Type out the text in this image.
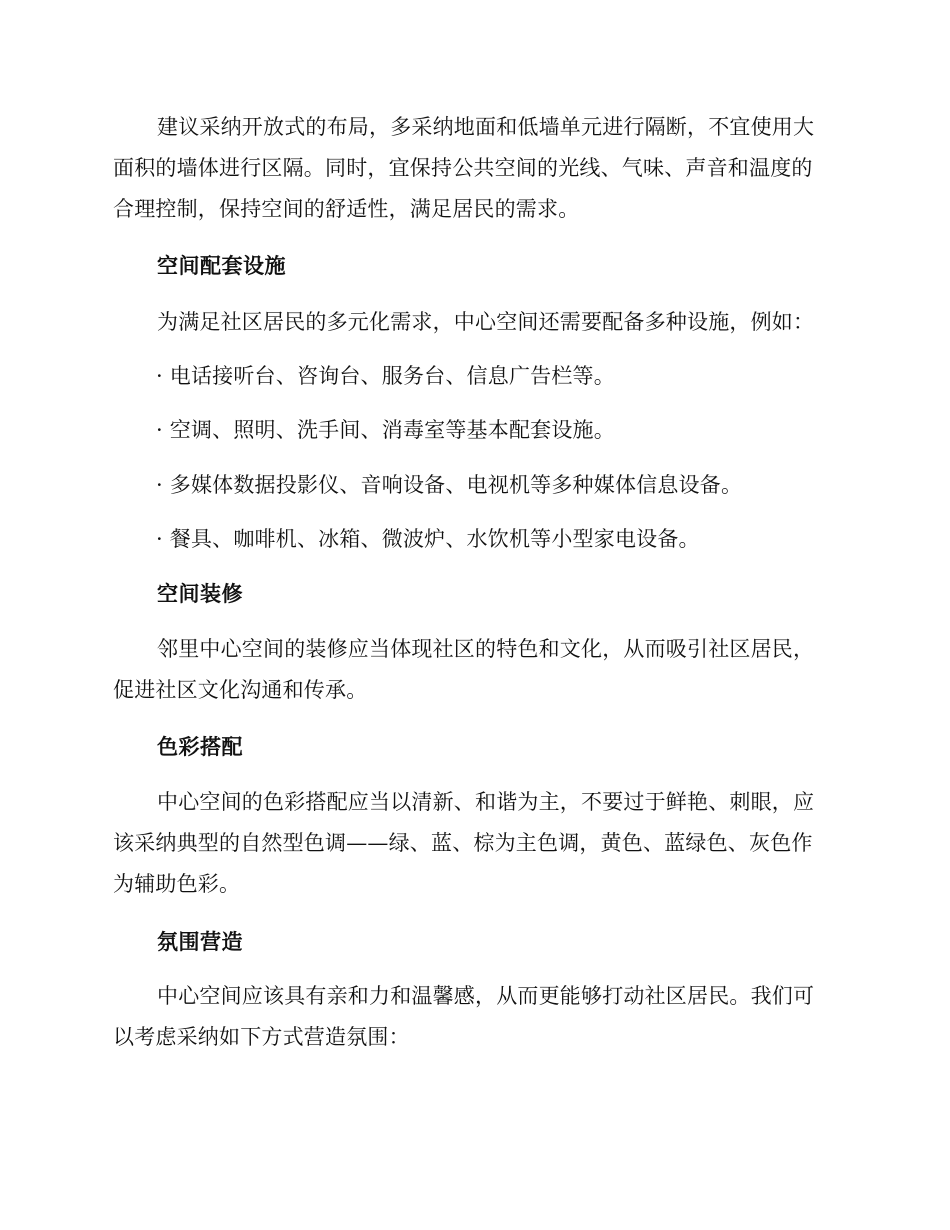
建议采纳开放式的布局，多采纳地面和低墙单元进行隔断，不宜使用大面积的墙体进行区隔。同时，宜保持公共空间的光线、气味、声音和温度的合理控制，保持空间的舒适性，满足居民的需求。

空间配套设施

为满足社区居民的多元化需求，中心空间还需要配备多种设施，例如：

· 电话接听台、咨询台、服务台、信息广告栏等。

· 空调、照明、洗手间、消毒室等基本配套设施。

· 多媒体数据投影仪、音响设备、电视机等多种媒体信息设备。

· 餐具、咖啡机、冰箱、微波炉、水饮机等小型家电设备。

空间装修

邻里中心空间的装修应当体现社区的特色和文化，从而吸引社区居民，促进社区文化沟通和传承。

色彩搭配

中心空间的色彩搭配应当以清新、和谐为主，不要过于鲜艳、刺眼，应该采纳典型的自然型色调——绿、蓝、棕为主色调，黄色、蓝绿色、灰色作为辅助色彩。

氛围营造

中心空间应该具有亲和力和温馨感，从而更能够打动社区居民。我们可以考虑采纳如下方式营造氛围：
